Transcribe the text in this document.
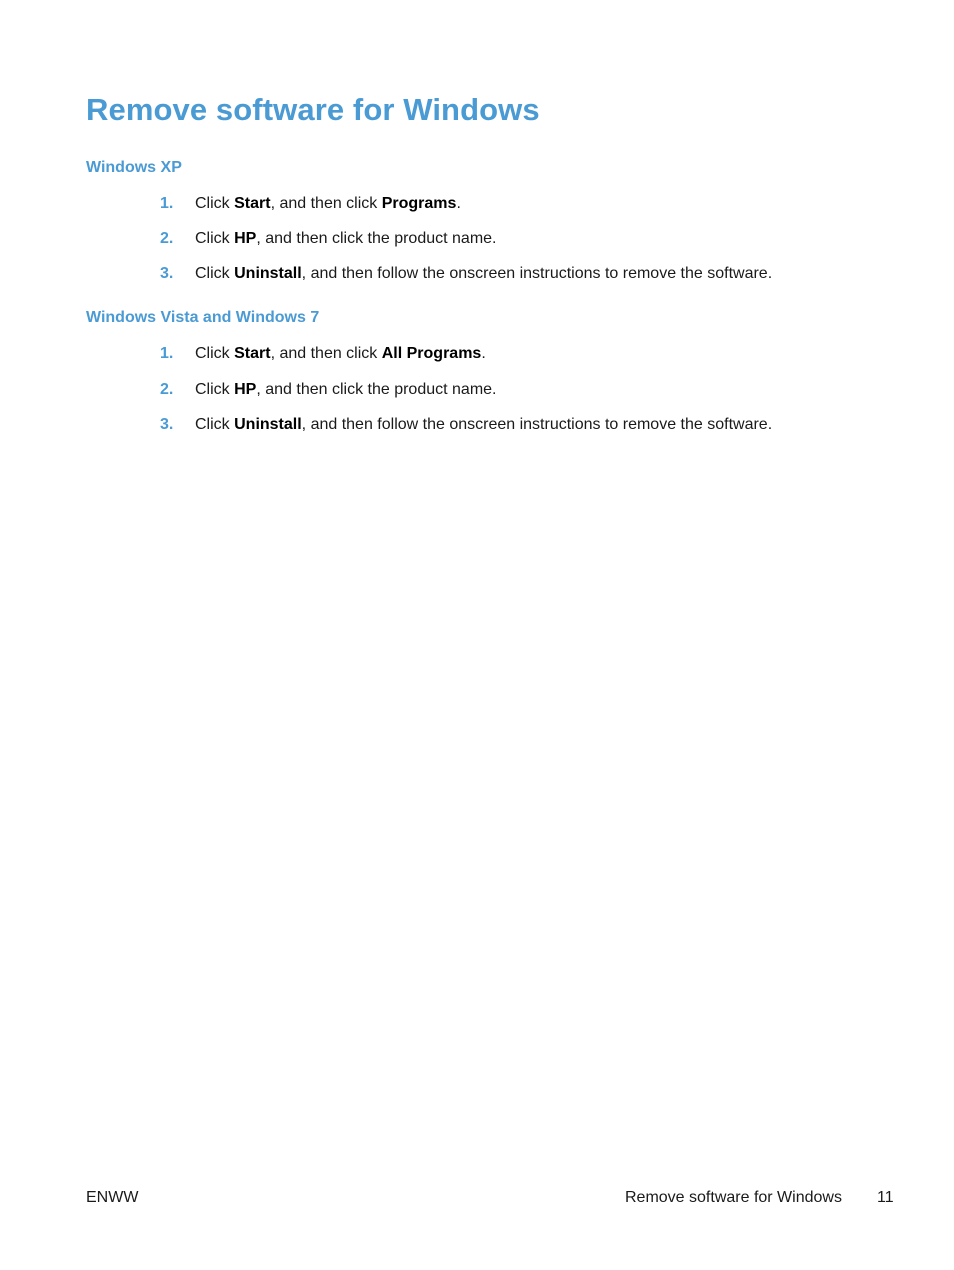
Remove software for Windows
Windows XP
1. Click Start, and then click Programs.
2. Click HP, and then click the product name.
3. Click Uninstall, and then follow the onscreen instructions to remove the software.
Windows Vista and Windows 7
1. Click Start, and then click All Programs.
2. Click HP, and then click the product name.
3. Click Uninstall, and then follow the onscreen instructions to remove the software.
ENWW	Remove software for Windows 11
